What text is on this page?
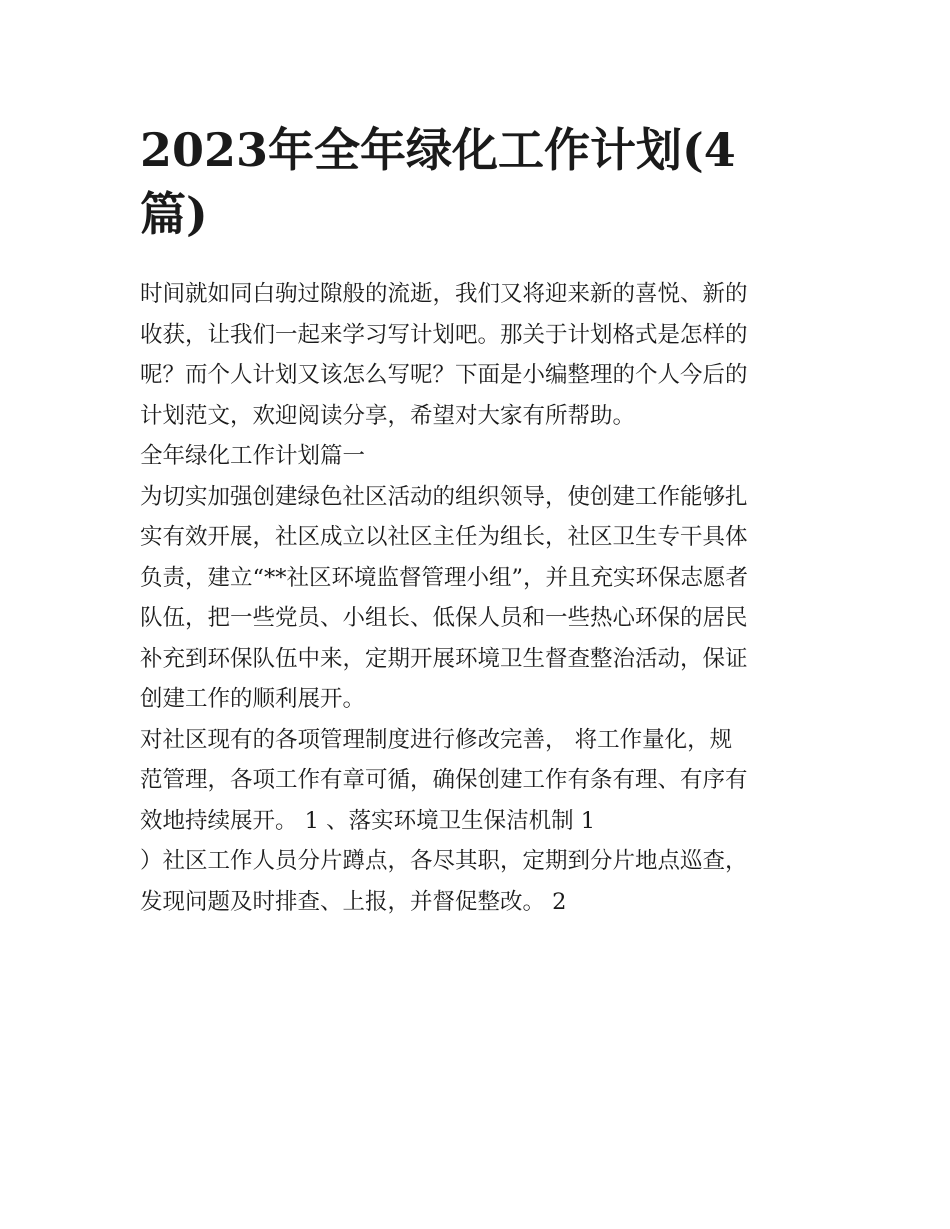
2023年全年绿化工作计划(4
篇)

时间就如同白驹过隙般的流逝，我们又将迎来新的喜悦、新的
收获，让我们一起来学习写计划吧。那关于计划格式是怎样的
呢？而个人计划又该怎么写呢？下面是小编整理的个人今后的
计划范文，欢迎阅读分享，希望对大家有所帮助。

全年绿化工作计划篇一

为切实加强创建绿色社区活动的组织领导，使创建工作能够扎
实有效开展，社区成立以社区主任为组长，社区卫生专干具体
负责，建立“**社区环境监督管理小组”，并且充实环保志愿者
队伍，把一些党员、小组长、低保人员和一些热心环保的居民
补充到环保队伍中来，定期开展环境卫生督查整治活动，保证
创建工作的顺利展开。

对社区现有的各项管理制度进行修改完善， 将工作量化，规
范管理，各项工作有章可循，确保创建工作有条有理、有序有
效地持续展开。 1 、落实环境卫生保洁机制 1
）社区工作人员分片蹲点，各尽其职，定期到分片地点巡查，
发现问题及时排查、上报，并督促整改。 2
